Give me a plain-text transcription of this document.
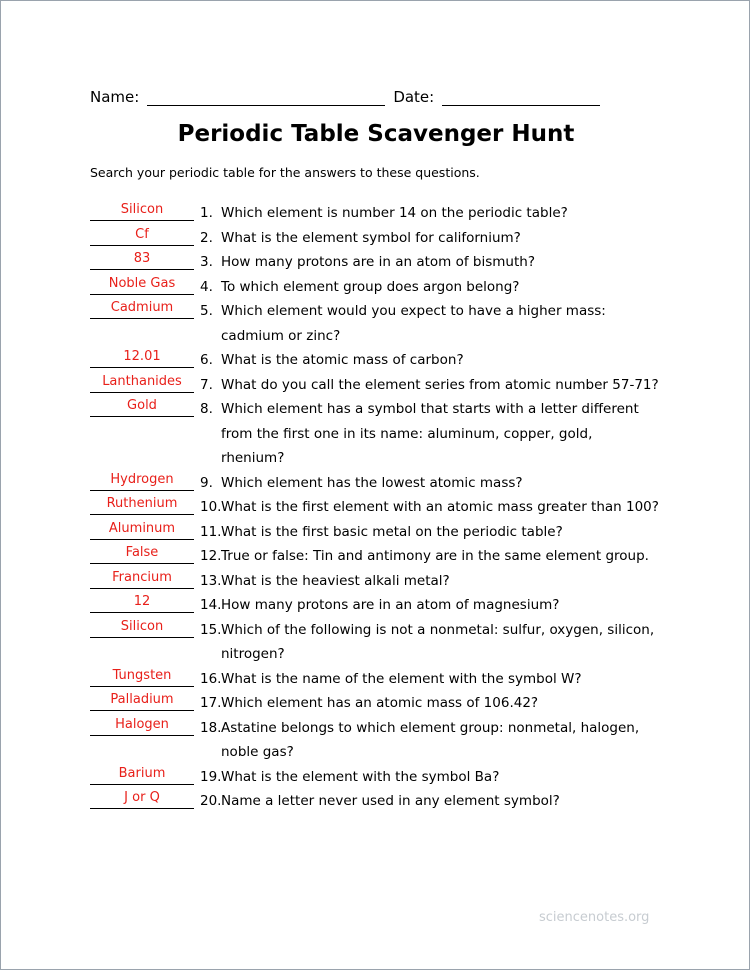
Name:	Date:
Periodic Table Scavenger Hunt
Search your periodic table for the answers to these questions.
Silicon	1. Which element is number 14 on the periodic table?
Cf	2. What is the element symbol for californium?
83	3. How many protons are in an atom of bismuth?
Noble Gas	4. To which element group does argon belong?
Cadmium	5. Which element would you expect to have a higher mass:
cadmium or zinc?
12.01	6. What is the atomic mass of carbon?
Lanthanides	7. What do you call the element series from atomic number 57-71?
Gold	8. Which element has a symbol that starts with a letter different
from the first one in its name: aluminum, copper, gold,
rhenium?
Hydrogen	9. Which element has the lowest atomic mass?
Ruthenium	10.What is the first element with an atomic mass greater than 100?
Aluminum	11.What is the first basic metal on the periodic table?
False	12.True or false: Tin and antimony are in the same element group.
Francium	13.What is the heaviest alkali metal?
12	14.How many protons are in an atom of magnesium?
Silicon	15.Which of the following is not a nonmetal: sulfur, oxygen, silicon,
nitrogen?
Tungsten	16.What is the name of the element with the symbol W?
Palladium	17.Which element has an atomic mass of 106.42?
Halogen	18.Astatine belongs to which element group: nonmetal, halogen,
noble gas?
Barium	19.What is the element with the symbol Ba?
J or Q	20.Name a letter never used in any element symbol?
sciencenotes.org
